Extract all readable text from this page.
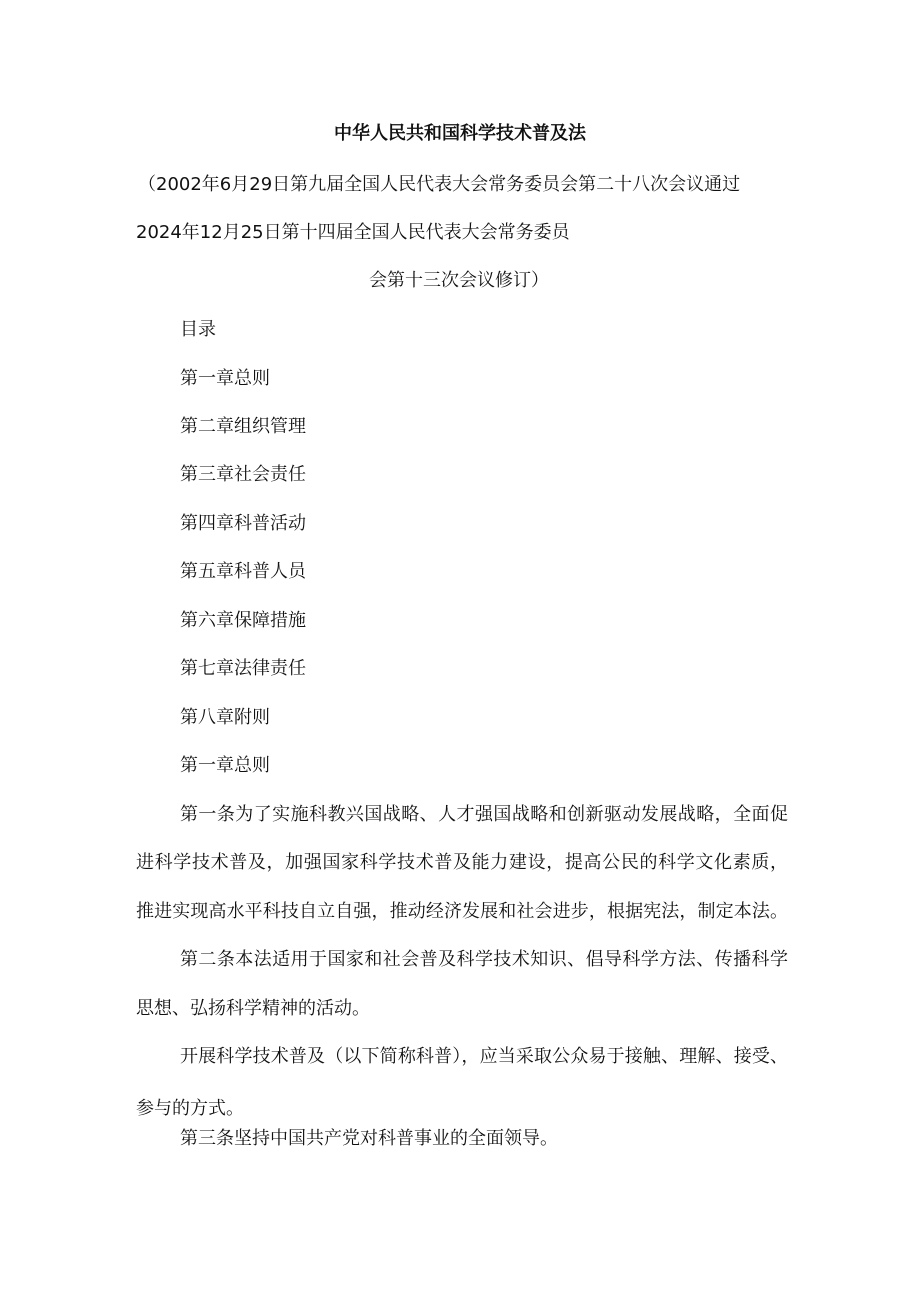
中华人民共和国科学技术普及法
（2002年6月29日第九届全国人民代表大会常务委员会第二十八次会议通过
2024年12月25日第十四届全国人民代表大会常务委员
会第十三次会议修订）
目录
第一章总则
第二章组织管理
第三章社会责任
第四章科普活动
第五章科普人员
第六章保障措施
第七章法律责任
第八章附则
第一章总则
第一条为了实施科教兴国战略、人才强国战略和创新驱动发展战略，全面促
进科学技术普及，加强国家科学技术普及能力建设，提高公民的科学文化素质，
推进实现高水平科技自立自强，推动经济发展和社会进步，根据宪法，制定本法。
第二条本法适用于国家和社会普及科学技术知识、倡导科学方法、传播科学
思想、弘扬科学精神的活动。
开展科学技术普及（以下简称科普），应当采取公众易于接触、理解、接受、
参与的方式。
第三条坚持中国共产党对科普事业的全面领导。
